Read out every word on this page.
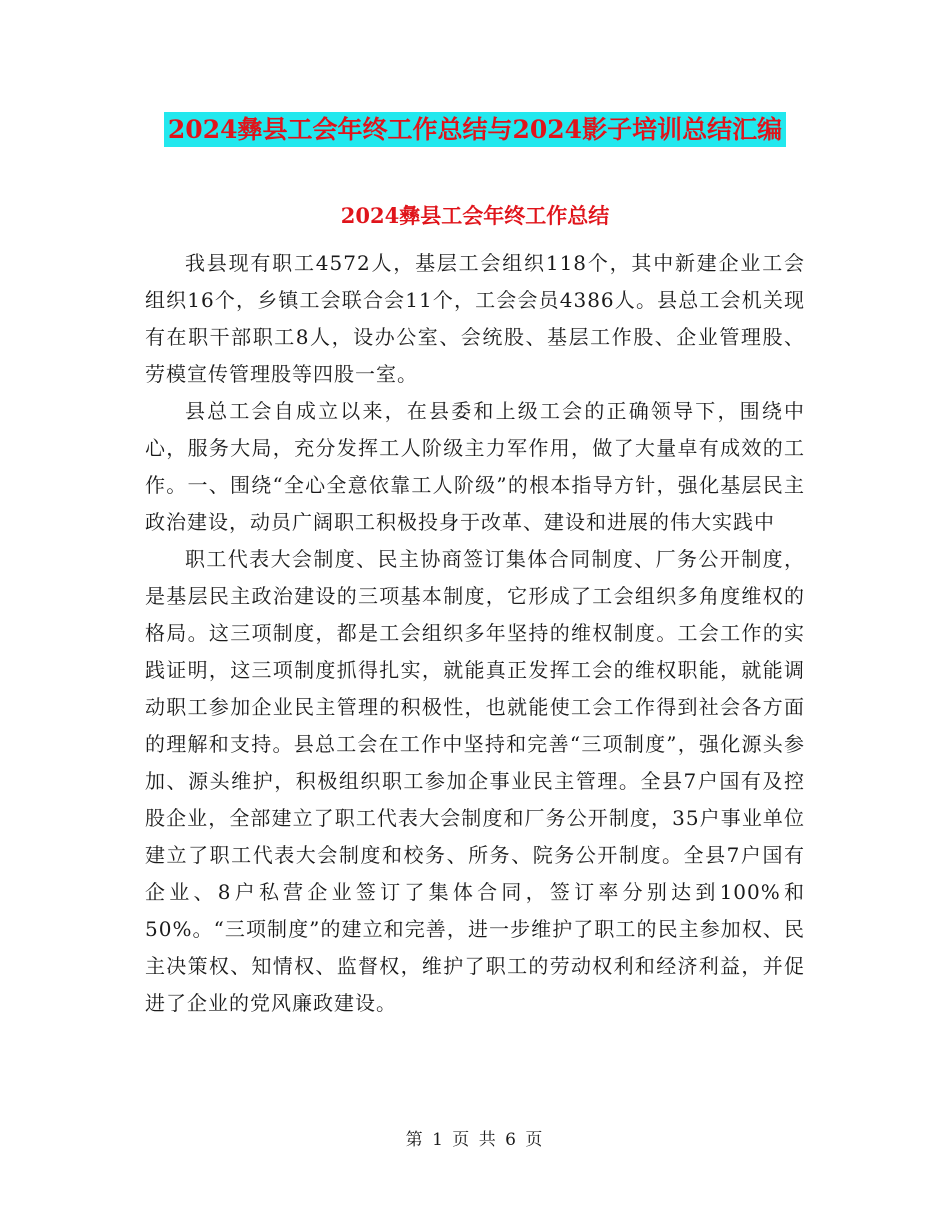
2024彝县工会年终工作总结与2024影子培训总结汇编
2024彝县工会年终工作总结

我县现有职工4572人，基层工会组织118个，其中新建企业工会组织16个，乡镇工会联合会11个，工会会员4386人。县总工会机关现有在职干部职工8人，设办公室、会统股、基层工作股、企业管理股、劳模宣传管理股等四股一室。

县总工会自成立以来，在县委和上级工会的正确领导下，围绕中心，服务大局，充分发挥工人阶级主力军作用，做了大量卓有成效的工作。一、围绕“全心全意依靠工人阶级”的根本指导方针，强化基层民主政治建设，动员广阔职工积极投身于改革、建设和进展的伟大实践中

职工代表大会制度、民主协商签订集体合同制度、厂务公开制度，是基层民主政治建设的三项基本制度，它形成了工会组织多角度维权的格局。这三项制度，都是工会组织多年坚持的维权制度。工会工作的实践证明，这三项制度抓得扎实，就能真正发挥工会的维权职能，就能调动职工参加企业民主管理的积极性，也就能使工会工作得到社会各方面的理解和支持。县总工会在工作中坚持和完善“三项制度”，强化源头参加、源头维护，积极组织职工参加企事业民主管理。全县7户国有及控股企业，全部建立了职工代表大会制度和厂务公开制度，35户事业单位建立了职工代表大会制度和校务、所务、院务公开制度。全县7户国有企业、8户私营企业签订了集体合同，签订率分别达到100%和50%。“三项制度”的建立和完善，进一步维护了职工的民主参加权、民主决策权、知情权、监督权，维护了职工的劳动权利和经济利益，并促进了企业的党风廉政建设。

第 1 页 共 6 页
